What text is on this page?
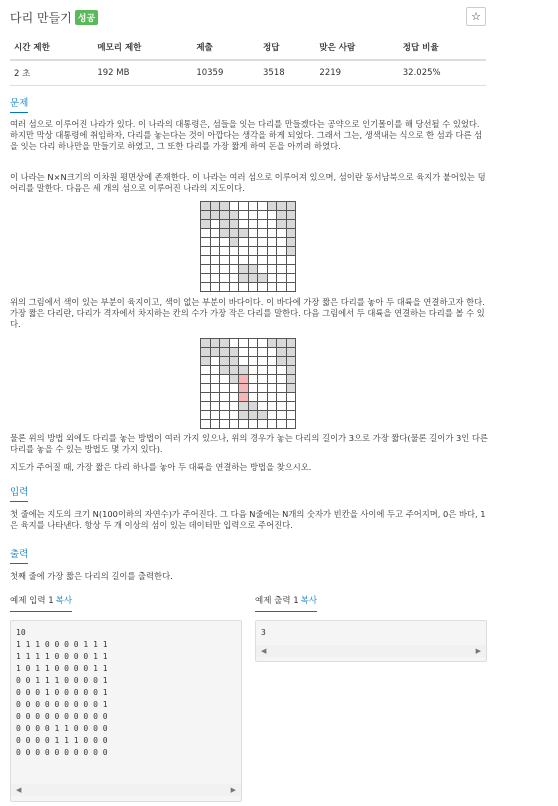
다리 만들기 성공	☆
시간 제한	메모리 제한	제출	정답	맞은 사람	정답 비율
2 초	192 MB	10359	3518	2219	32.025%
문제
여러 섬으로 이루어진 나라가 있다. 이 나라의 대통령은, 섬들을 잇는 다리를 만들겠다는 공약으로 인기몰이를 해 당선될 수 있었다. 하지만 막상 대통령에 취임하자, 다리를 놓는다는 것이 아깝다는 생각을 하게 되었다. 그래서 그는, 생색내는 식으로 한 섬과 다른 섬을 잇는 다리 하나만을 만들기로 하였고, 그 또한 다리를 가장 짧게 하여 돈을 아끼려 하였다.
이 나라는 N×N크기의 이차원 평면상에 존재한다. 이 나라는 여러 섬으로 이루어져 있으며, 섬이란 동서남북으로 육지가 붙어있는 덩어리를 말한다. 다음은 세 개의 섬으로 이루어진 나라의 지도이다.

위의 그림에서 색이 있는 부분이 육지이고, 색이 없는 부분이 바다이다. 이 바다에 가장 짧은 다리를 놓아 두 대륙을 연결하고자 한다. 가장 짧은 다리란, 다리가 격자에서 차지하는 칸의 수가 가장 작은 다리를 말한다. 다음 그림에서 두 대륙을 연결하는 다리를 볼 수 있다.

물론 위의 방법 외에도 다리를 놓는 방법이 여러 가지 있으나, 위의 경우가 놓는 다리의 길이가 3으로 가장 짧다(물론 길이가 3인 다른 다리를 놓을 수 있는 방법도 몇 가지 있다).
지도가 주어질 때, 가장 짧은 다리 하나를 놓아 두 대륙을 연결하는 방법을 찾으시오.
입력
첫 줄에는 지도의 크기 N(100이하의 자연수)가 주어진다. 그 다음 N줄에는 N개의 숫자가 빈칸을 사이에 두고 주어지며, 0은 바다, 1은 육지를 나타낸다. 항상 두 개 이상의 섬이 있는 데이터만 입력으로 주어진다.
출력
첫째 줄에 가장 짧은 다리의 길이를 출력한다.
예제 입력 1 복사	예제 출력 1 복사
10
1 1 1 0 0 0 0 1 1 1
1 1 1 1 0 0 0 0 1 1
1 0 1 1 0 0 0 0 1 1
0 0 1 1 1 0 0 0 0 1
0 0 0 1 0 0 0 0 0 1
0 0 0 0 0 0 0 0 0 1
0 0 0 0 0 0 0 0 0 0
0 0 0 0 1 1 0 0 0 0
0 0 0 0 1 1 1 0 0 0
0 0 0 0 0 0 0 0 0 0
◀	▶
3
◀	▶
